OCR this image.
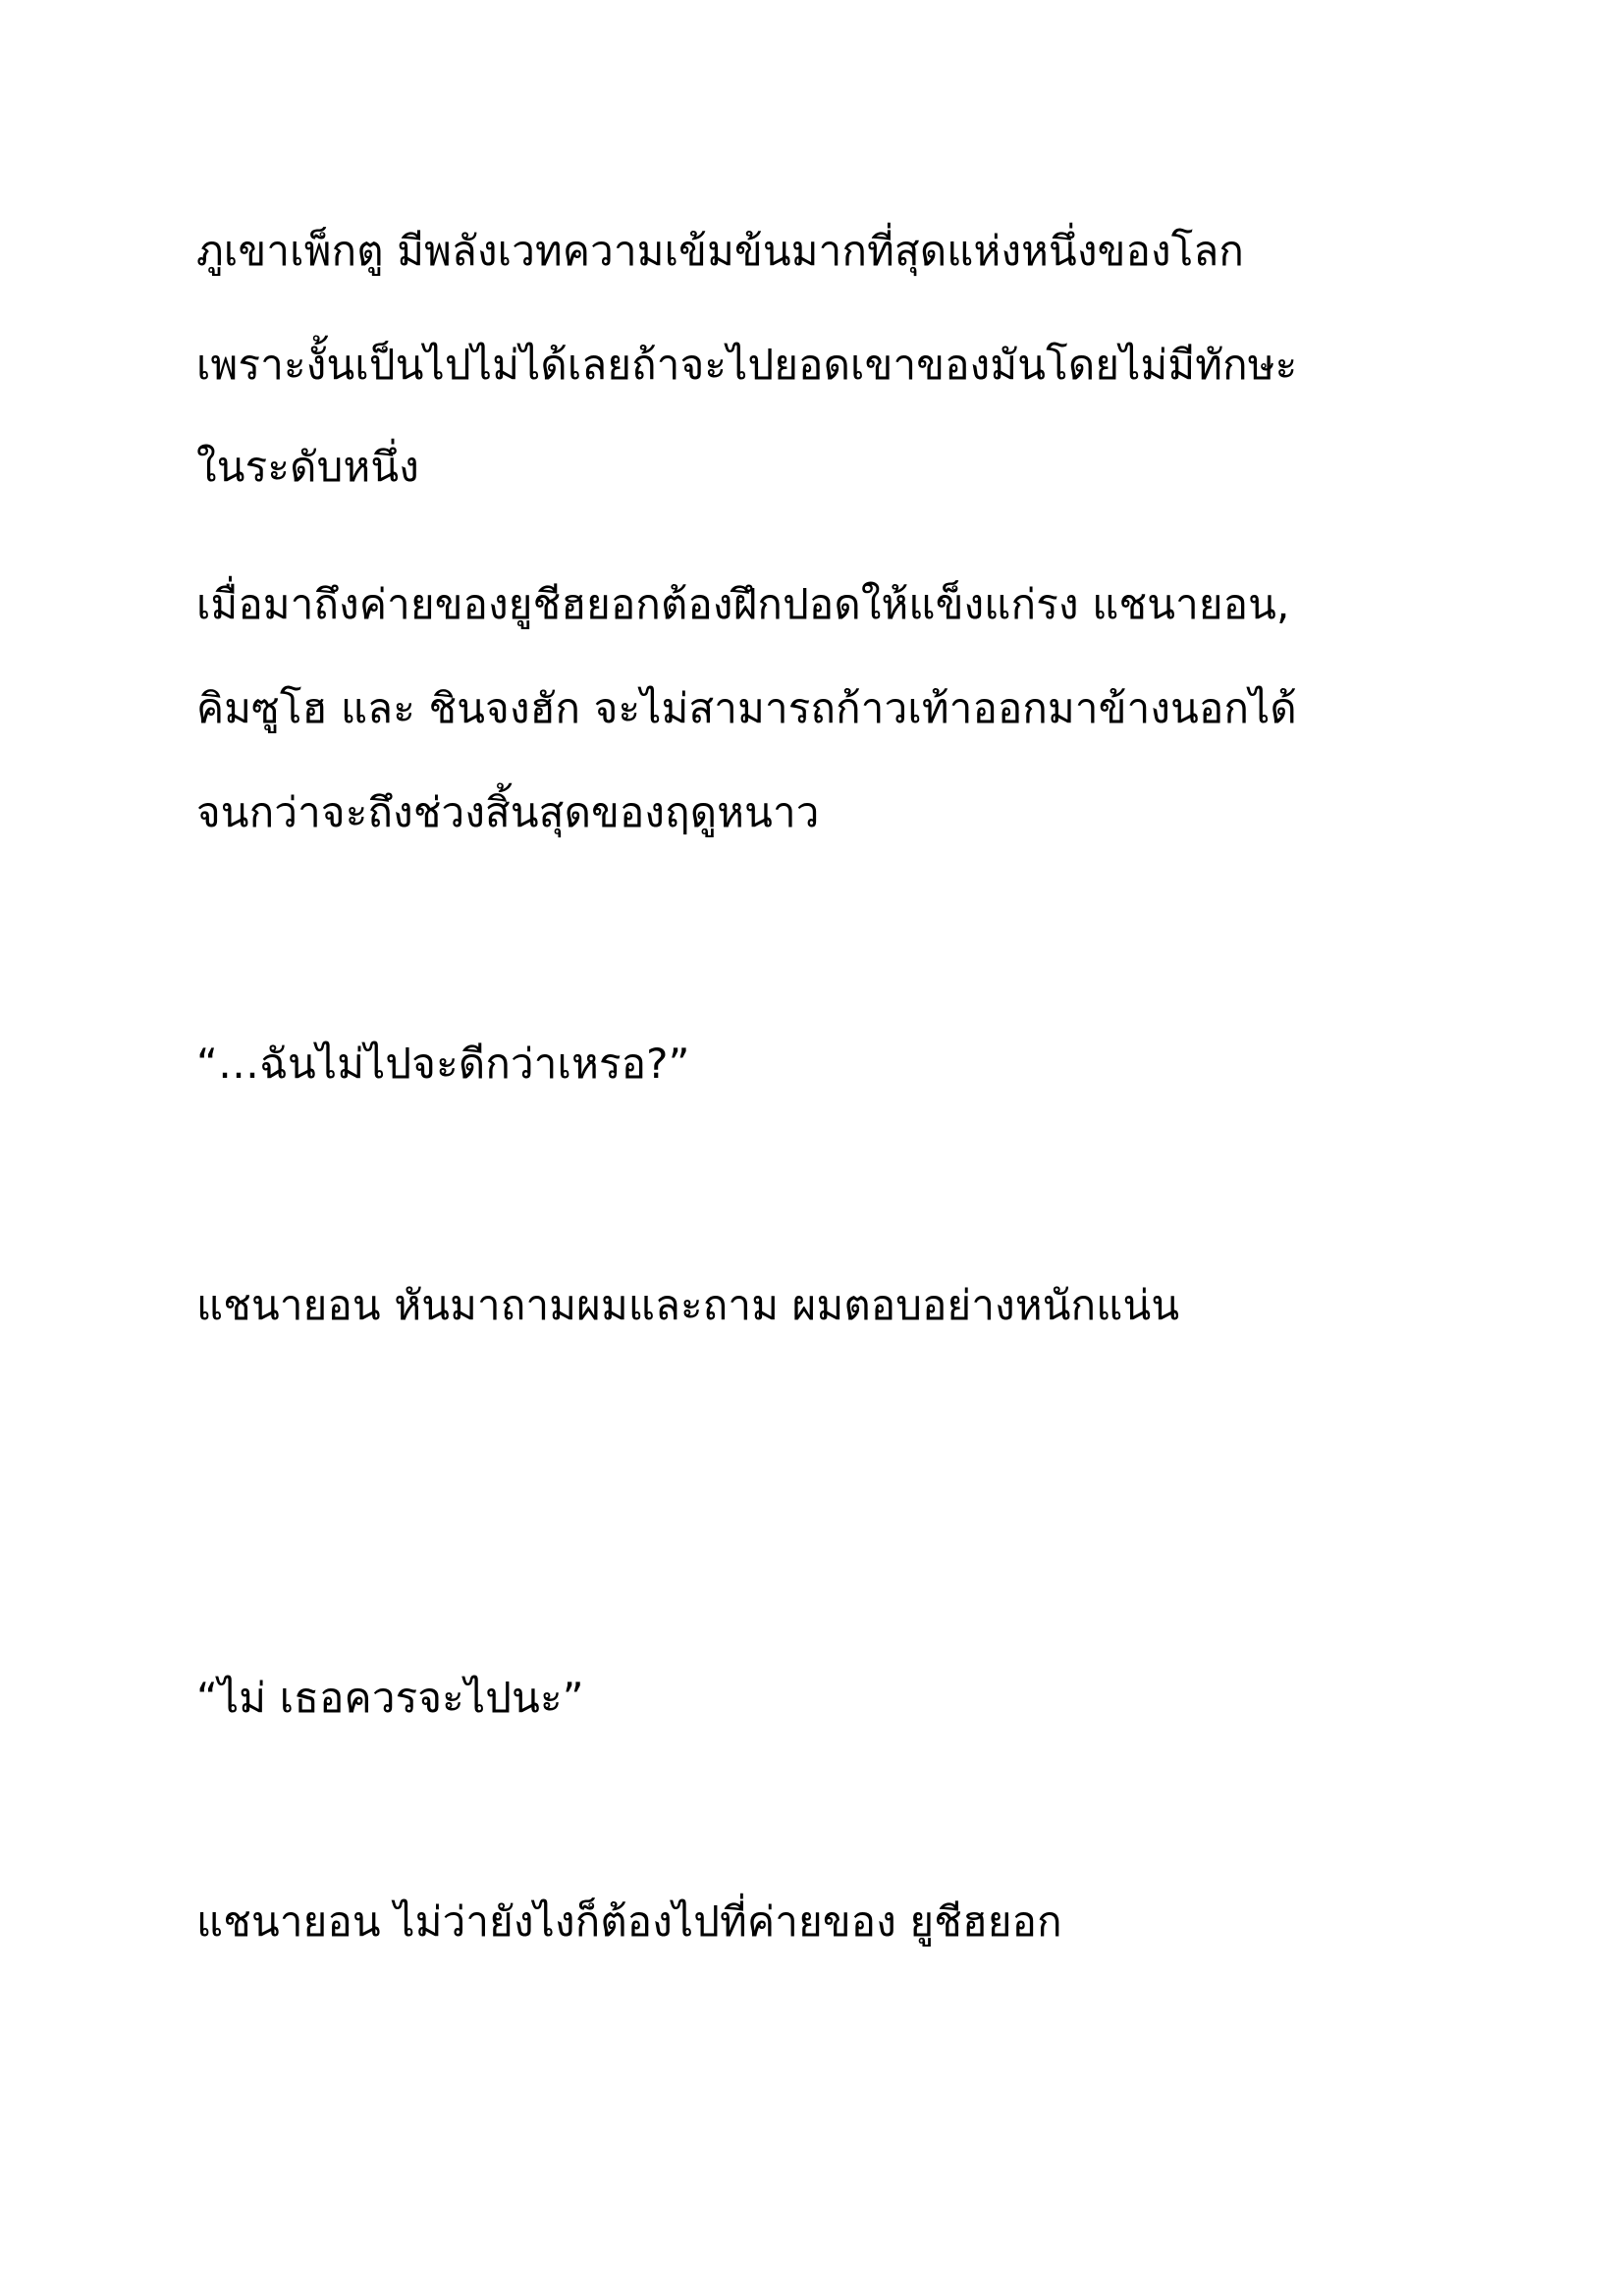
ภูเขาเพ็กตู มีพลังเวทความเข้มข้นมากที่สุดแห่งหนึ่งของโลก
เพราะงั้นเป็นไปไม่ได้เลยถ้าจะไปยอดเขาของมันโดยไม่มีทักษะ
ในระดับหนึ่ง
เมื่อมาถึงค่ายของยูชีฮยอกต้องฝึกปอดให้แข็งแก่รง แชนายอน,
คิมซูโฮ และ ชินจงฮัก จะไม่สามารถก้าวเท้าออกมาข้างนอกได้
จนกว่าจะถึงช่วงสิ้นสุดของฤดูหนาว
“…ฉันไม่ไปจะดีกว่าเหรอ?”
แชนายอน หันมาถามผมและถาม ผมตอบอย่างหนักแน่น
“ไม่ เธอควรจะไปนะ”
แชนายอน ไม่ว่ายังไงก็ต้องไปที่ค่ายของ ยูชีฮยอก
